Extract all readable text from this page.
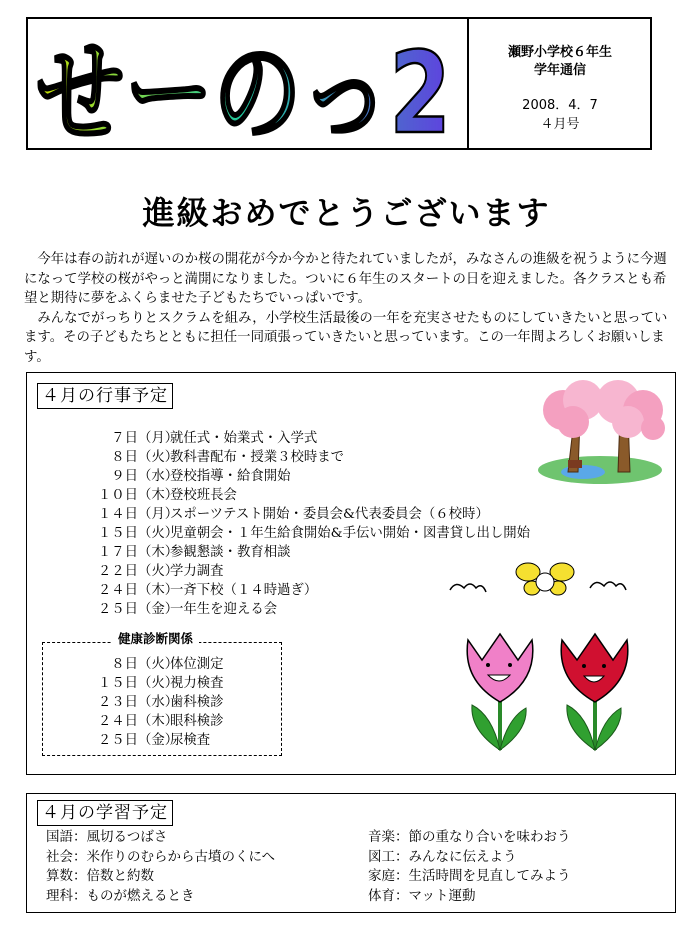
せーのっ2	瀬野小学校６年生
学年通信
2008．4．7
４月号
進級おめでとうございます

今年は春の訪れが遅いのか桜の開花が今か今かと待たれていましたが，みなさんの進級を祝うように今週になって学校の桜がやっと満開になりました。ついに６年生のスタートの日を迎えました。各クラスとも希望と期待に夢をふくらませた子どもたちでいっぱいです。

みんなでがっちりとスクラムを組み，小学校生活最後の一年を充実させたものにしていきたいと思っています。その子どもたちとともに担任一同頑張っていきたいと思っています。この一年間よろしくお願いします。

４月の行事予定
７日（月）就任式・始業式・入学式
８日（火）教科書配布・授業３校時まで
９日（水）登校指導・給食開始
１０日（木）登校班長会
１４日（月）スポーツテスト開始・委員会&代表委員会（６校時）
１５日（火）児童朝会・１年生給食開始&手伝い開始・図書貸し出し開始
１７日（木）参観懇談・教育相談
２２日（火）学力調査
２４日（木）一斉下校（１４時過ぎ）
２５日（金）一年生を迎える会
健康診断関係
８日（火）体位測定
１５日（火）視力検査
２３日（水）歯科検診
２４日（木）眼科検診
２５日（金）尿検査
４月の学習予定
国語：風切るつばさ
社会：米作りのむらから古墳のくにへ
算数：倍数と約数
理科：ものが燃えるとき
音楽：節の重なり合いを味わおう
図工：みんなに伝えよう
家庭：生活時間を見直してみよう
体育：マット運動
